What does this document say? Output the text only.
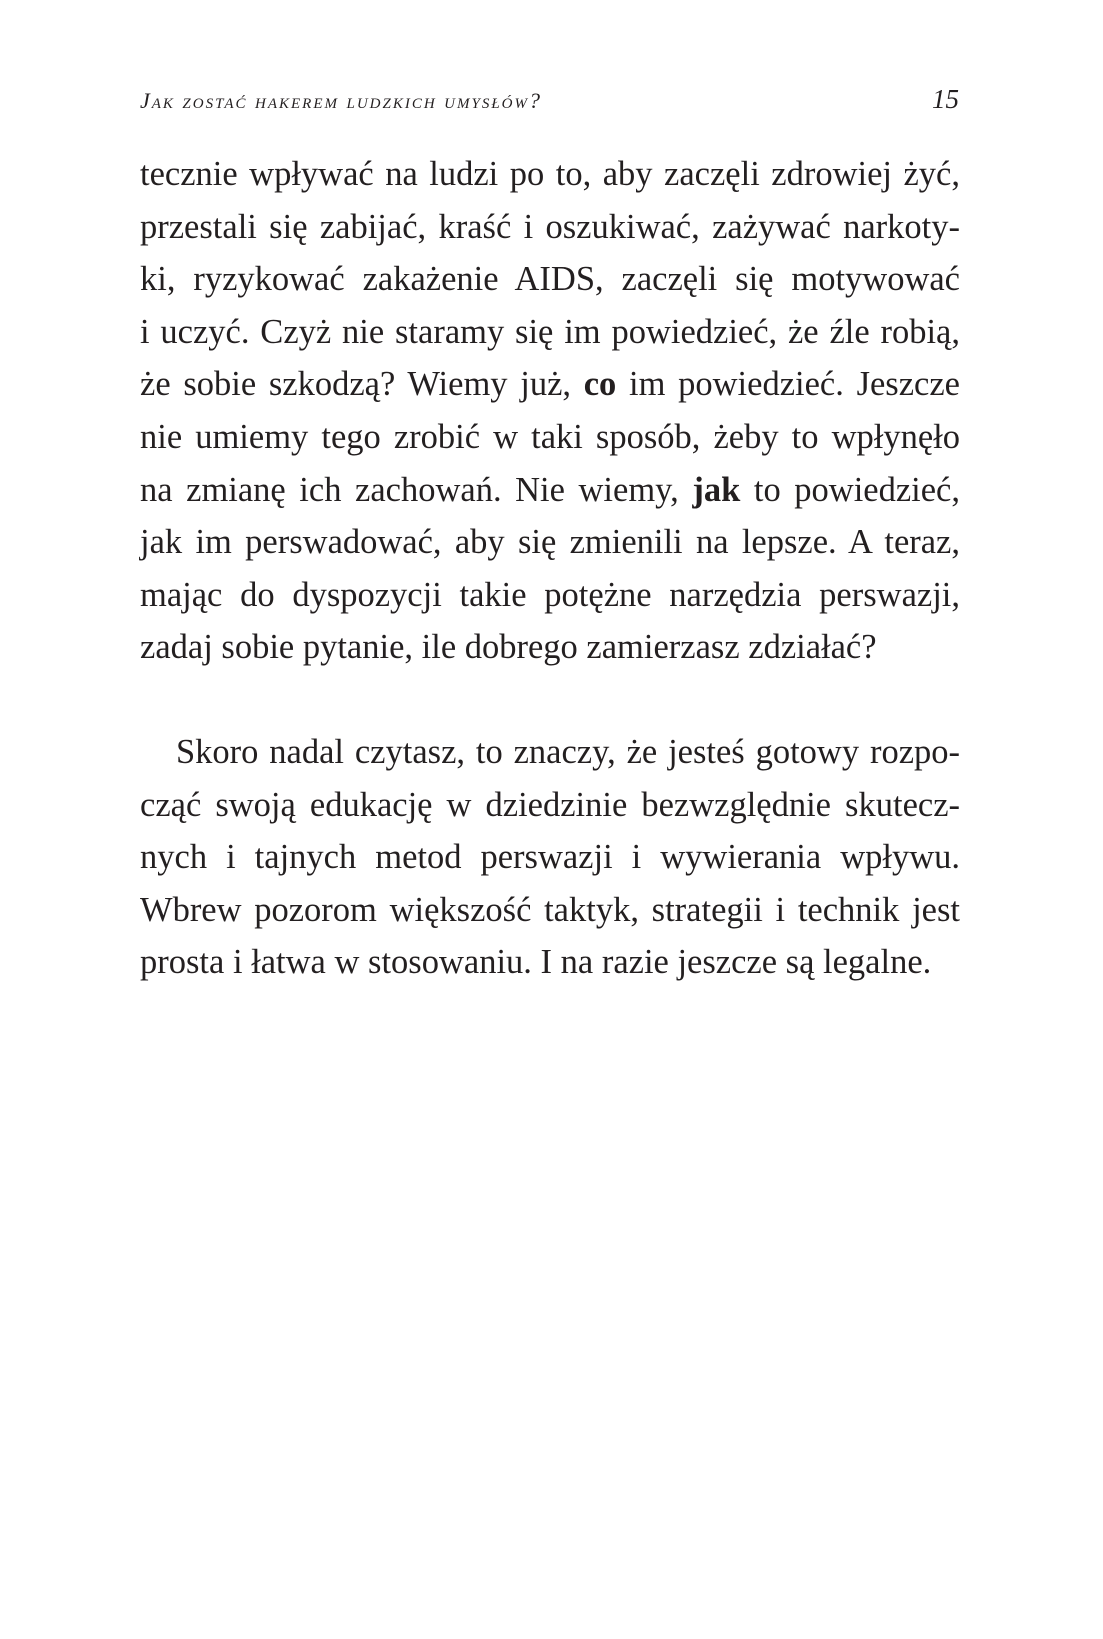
Jak zostać hakerem ludzkich umysłów?	15
tecznie wpływać na ludzi po to, aby zaczęli zdrowiej żyć,
przestali się zabijać, kraść i oszukiwać, zażywać narkoty-
ki, ryzykować zakażenie AIDS, zaczęli się motywować
i uczyć. Czyż nie staramy się im powiedzieć, że źle robią,
że sobie szkodzą? Wiemy już, co im powiedzieć. Jeszcze
nie umiemy tego zrobić w taki sposób, żeby to wpłynęło
na zmianę ich zachowań. Nie wiemy, jak to powiedzieć,
jak im perswadować, aby się zmienili na lepsze. A teraz,
mając do dyspozycji takie potężne narzędzia perswazji,
zadaj sobie pytanie, ile dobrego zamierzasz zdziałać?
Skoro nadal czytasz, to znaczy, że jesteś gotowy rozpo-
cząć swoją edukację w dziedzinie bezwzględnie skutecz-
nych i tajnych metod perswazji i wywierania wpływu.
Wbrew pozorom większość taktyk, strategii i technik jest
prosta i łatwa w stosowaniu. I na razie jeszcze są legalne.
